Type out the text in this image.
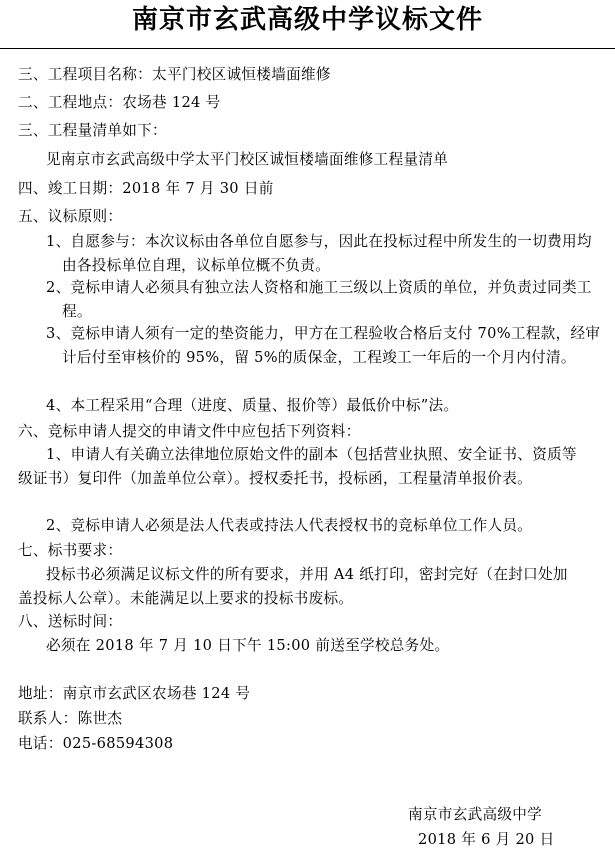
南京市玄武高级中学议标文件
三、工程项目名称：太平门校区诚恒楼墙面维修
二、工程地点：农场巷 124 号
三、工程量清单如下：
见南京市玄武高级中学太平门校区诚恒楼墙面维修工程量清单
四、竣工日期：2018 年 7 月 30 日前
五、议标原则：
1、自愿参与：本次议标由各单位自愿参与，因此在投标过程中所发生的一切费用均由各投标单位自理，议标单位概不负责。
2、竞标申请人必须具有独立法人资格和施工三级以上资质的单位，并负责过同类工程。
3、竞标申请人须有一定的垫资能力，甲方在工程验收合格后支付 70%工程款，经审计后付至审核价的 95%，留 5%的质保金，工程竣工一年后的一个月内付清。
4、本工程采用“合理（进度、质量、报价等）最低价中标”法。
六、竞标申请人提交的申请文件中应包括下列资料：
1、申请人有关确立法律地位原始文件的副本（包括营业执照、安全证书、资质等级证书）复印件（加盖单位公章）。授权委托书，投标函，工程量清单报价表。
2、竞标申请人必须是法人代表或持法人代表授权书的竞标单位工作人员。
七、标书要求：
投标书必须满足议标文件的所有要求，并用 A4 纸打印，密封完好（在封口处加盖投标人公章）。未能满足以上要求的投标书废标。
八、送标时间：
必须在 2018 年 7 月 10 日下午 15:00 前送至学校总务处。
地址：南京市玄武区农场巷 124 号
联系人：陈世杰
电话：025-68594308
南京市玄武高级中学
2018 年 6 月 20 日
